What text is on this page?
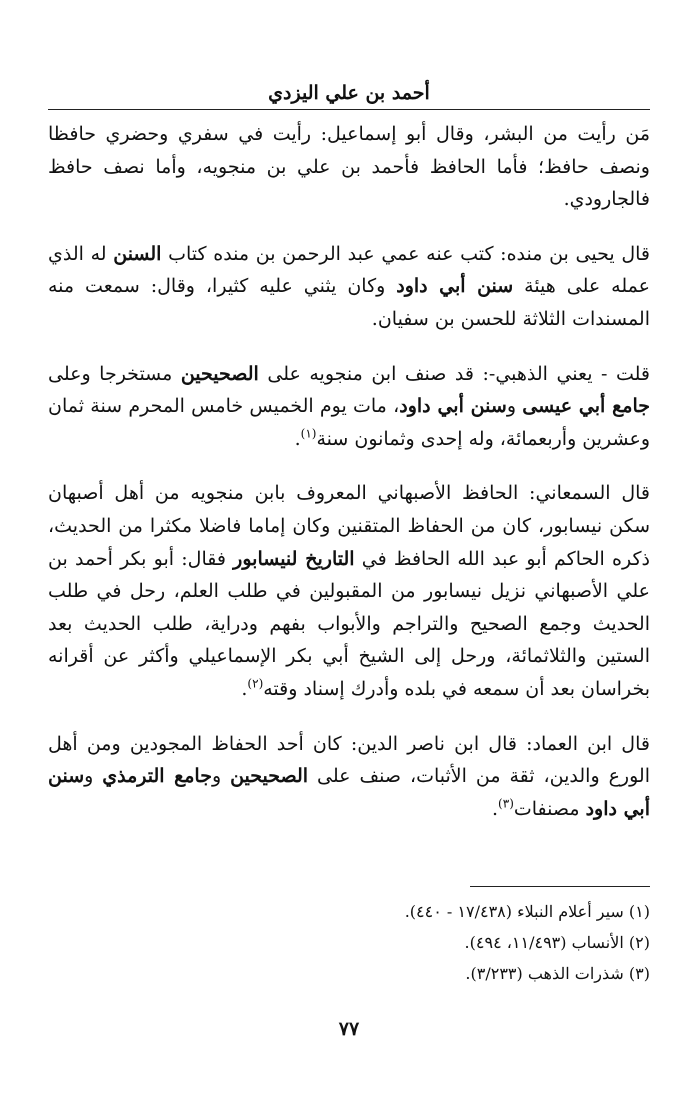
أحمد بن علي اليزدي

مَن رأيت من البشر، وقال أبو إسماعيل: رأيت في سفري وحضري حافظا ونصف حافظ؛ فأما الحافظ فأحمد بن علي بن منجويه، وأما نصف حافظ فالجارودي.

قال يحيى بن منده: كتب عنه عمي عبد الرحمن بن منده كتاب السنن له الذي عمله على هيئة سنن أبي داود وكان يثني عليه كثيرا، وقال: سمعت منه المسندات الثلاثة للحسن بن سفيان.

قلت - يعني الذهبي-: قد صنف ابن منجويه على الصحيحين مستخرجا وعلى جامع أبي عيسى وسنن أبي داود، مات يوم الخميس خامس المحرم سنة ثمان وعشرين وأربعمائة، وله إحدى وثمانون سنة$^{(١)}$.

قال السمعاني: الحافظ الأصبهاني المعروف بابن منجويه من أهل أصبهان سكن نيسابور، كان من الحفاظ المتقنين وكان إماما فاضلا مكثرا من الحديث، ذكره الحاكم أبو عبد الله الحافظ في التاريخ لنيسابور فقال: أبو بكر أحمد بن علي الأصبهاني نزيل نيسابور من المقبولين في طلب العلم، رحل في طلب الحديث وجمع الصحيح والتراجم والأبواب بفهم ودراية، طلب الحديث بعد الستين والثلاثمائة، ورحل إلى الشيخ أبي بكر الإسماعيلي وأكثر عن أقرانه بخراسان بعد أن سمعه في بلده وأدرك إسناد وقته$^{(٢)}$.

قال ابن العماد: قال ابن ناصر الدين: كان أحد الحفاظ المجودين ومن أهل الورع والدين، ثقة من الأثبات، صنف على الصحيحين وجامع الترمذي وسنن أبي داود مصنفات$^{(٣)}$.

(١) سير أعلام النبلاء (١٧/٤٣٨ - ٤٤٠).
(٢) الأنساب (١١/٤٩٣، ٤٩٤).
(٣) شذرات الذهب (٣/٢٣٣).
٧٧
